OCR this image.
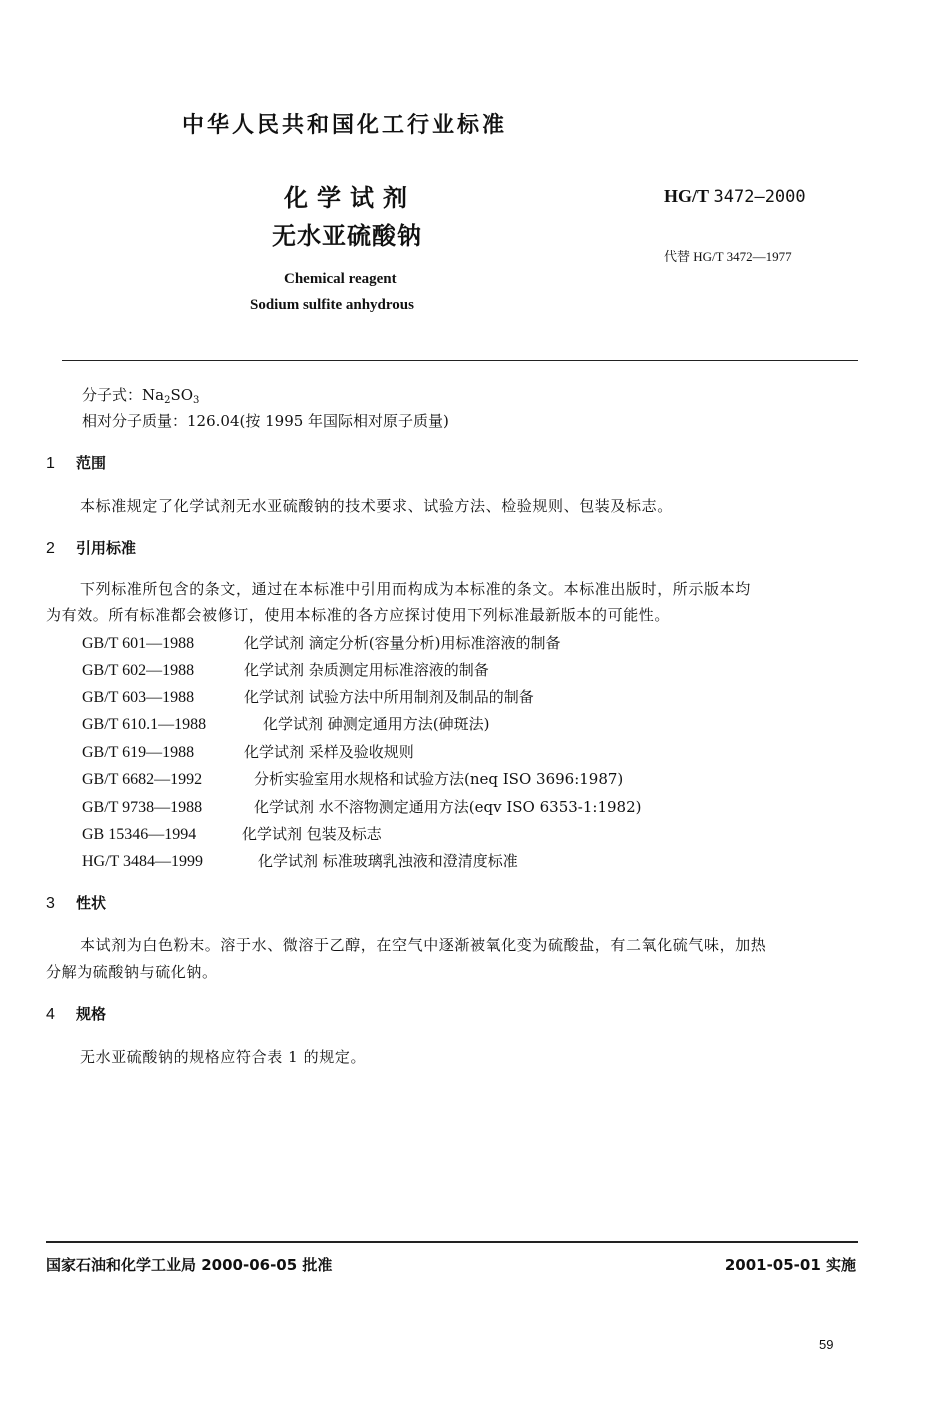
中华人民共和国化工行业标准
化学试剂
无水亚硫酸钠
HG/T 3472—2000
代替 HG/T 3472—1977
Chemical reagent
Sodium sulfite anhydrous
分子式：$Na_2SO_3$
相对分子质量：126.04(按 1995 年国际相对原子质量)
1 范围
本标准规定了化学试剂无水亚硫酸钠的技术要求、试验方法、检验规则、包装及标志。
2 引用标准
下列标准所包含的条文，通过在本标准中引用而构成为本标准的条文。本标准出版时，所示版本均
为有效。所有标准都会被修订，使用本标准的各方应探讨使用下列标准最新版本的可能性。
GB/T 601—1988	化学试剂 滴定分析(容量分析)用标准溶液的制备
GB/T 602—1988	化学试剂 杂质测定用标准溶液的制备
GB/T 603—1988	化学试剂 试验方法中所用制剂及制品的制备
GB/T 610.1—1988	化学试剂 砷测定通用方法(砷斑法)
GB/T 619—1988	化学试剂 采样及验收规则
GB/T 6682—1992	分析实验室用水规格和试验方法(neq ISO 3696:1987)
GB/T 9738—1988	化学试剂 水不溶物测定通用方法(eqv ISO 6353-1:1982)
GB 15346—1994	化学试剂 包装及标志
HG/T 3484—1999	化学试剂 标准玻璃乳浊液和澄清度标准
3 性状
本试剂为白色粉末。溶于水、微溶于乙醇，在空气中逐渐被氧化变为硫酸盐，有二氧化硫气味，加热
分解为硫酸钠与硫化钠。
4 规格
无水亚硫酸钠的规格应符合表 1 的规定。
国家石油和化学工业局 2000-06-05 批准	2001-05-01 实施
59
